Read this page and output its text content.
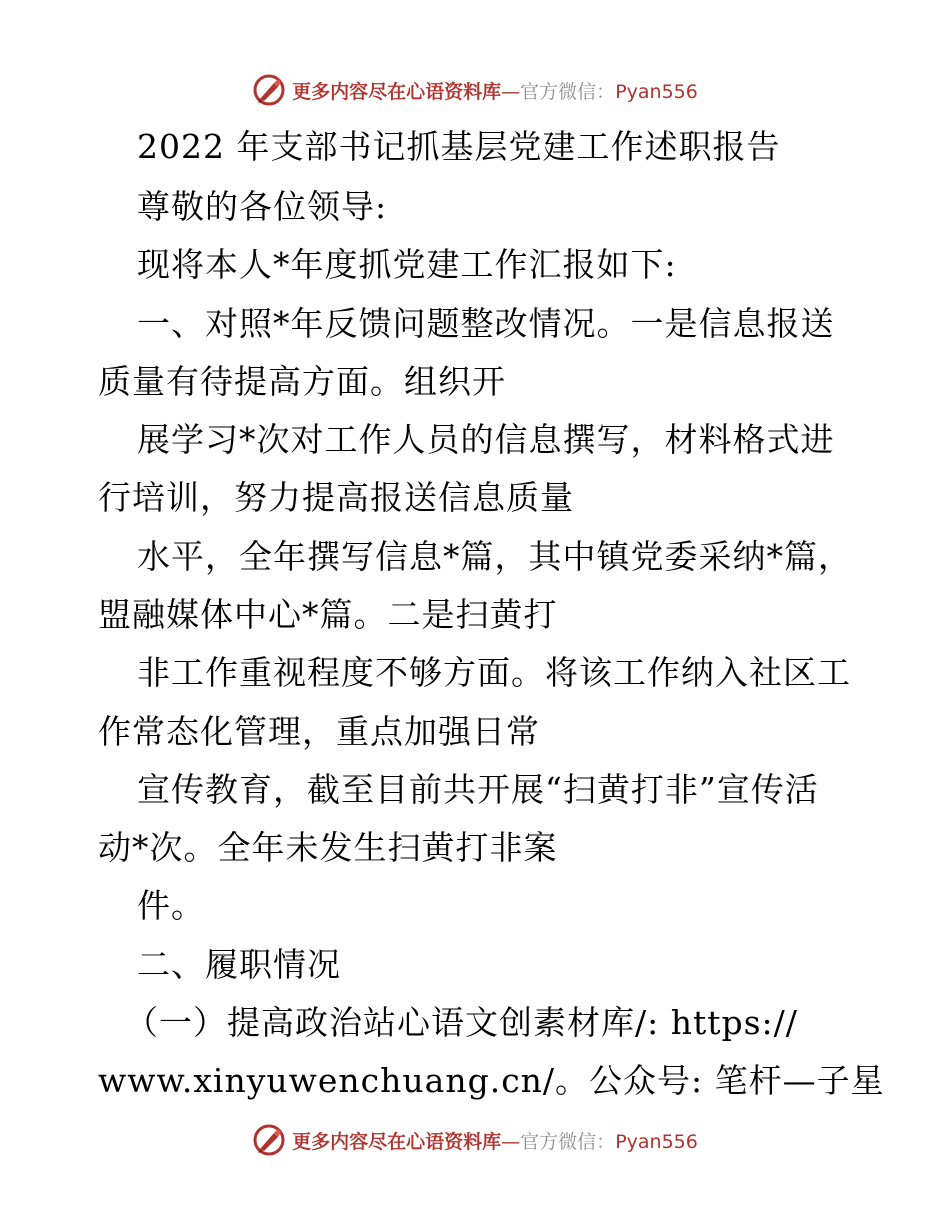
更多内容尽在心语资料库—官方微信：Pyan556
2022 年支部书记抓基层党建工作述职报告
尊敬的各位领导:
现将本人*年度抓党建工作汇报如下:
一、对照*年反馈问题整改情况。一是信息报送
质量有待提高方面。组织开
展学习*次对工作人员的信息撰写，材料格式进
行培训，努力提高报送信息质量
水平，全年撰写信息*篇，其中镇党委采纳*篇，
盟融媒体中心*篇。二是扫黄打
非工作重视程度不够方面。将该工作纳入社区工
作常态化管理，重点加强日常
宣传教育，截至目前共开展“扫黄打非”宣传活
动*次。全年未发生扫黄打非案
件。
二、履职情况
（一）提高政治站心语文创素材库/: https://
www.xinyuwenchuang.cn/。公众号: 笔杆—子星
更多内容尽在心语资料库—官方微信：Pyan556
